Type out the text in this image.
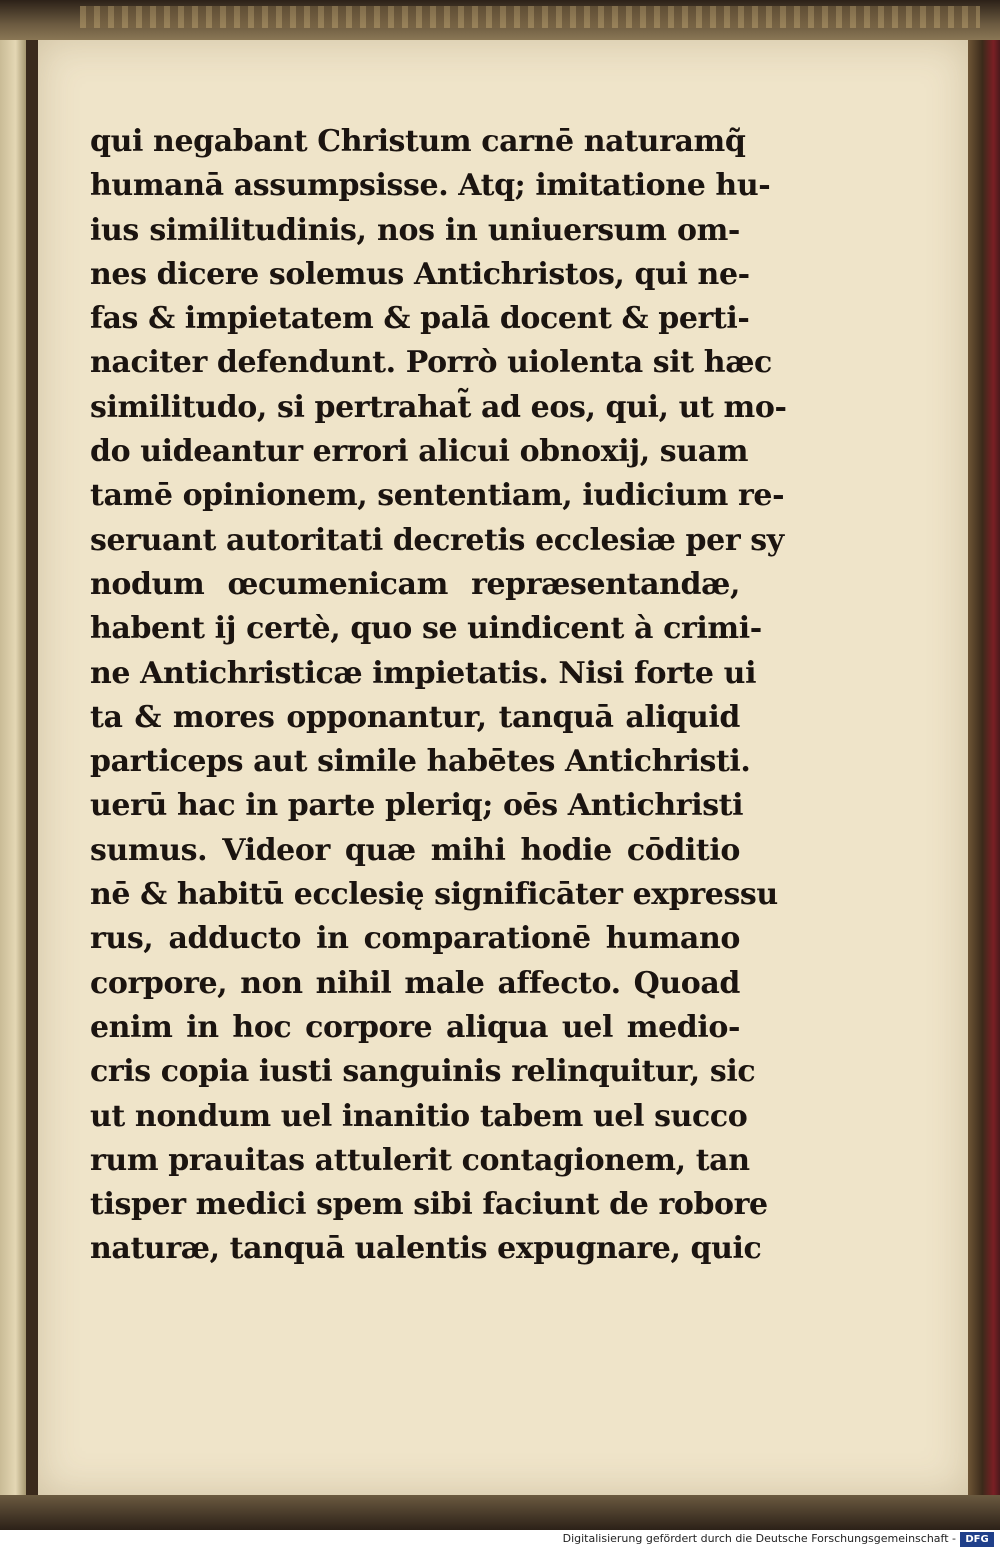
qui negabant Christum carnē naturamq̃
humanā assumpsisse. Atq; imitatione hu-
ius similitudinis, nos in uniuersum om-
nes dicere solemus Antichristos, qui ne-
fas & impietatem & palā docent & perti-
naciter defendunt. Porrò uiolenta sit hæc
similitudo, si pertrahat̃ ad eos, qui, ut mo-
do uideantur errori alicui obnoxij, suam
tamē opinionem, sententiam, iudicium re-
seruant autoritati decretis ecclesiæ per sy
nodum œcumenicam repræsentandæ,
habent ij certè, quo se uindicent à crimi-
ne Antichristicæ impietatis. Nisi forte ui
ta & mores opponantur, tanquā aliquid
particeps aut simile habētes Antichristi.
uerū hac in parte pleriq; oēs Antichristi
sumus. Videor quæ mihi hodie cōditio
nē & habitū ecclesię significāter expressu
rus, adducto in comparationē humano
corpore, non nihil male affecto. Quoad
enim in hoc corpore aliqua uel medio-
cris copia iusti sanguinis relinquitur, sic
ut nondum uel inanitio tabem uel succo
rum prauitas attulerit contagionem, tan
tisper medici spem sibi faciunt de robore
naturæ, tanquā ualentis expugnare, quic
Digitalisierung gefördert durch die Deutsche Forschungsgemeinschaft - DFG
